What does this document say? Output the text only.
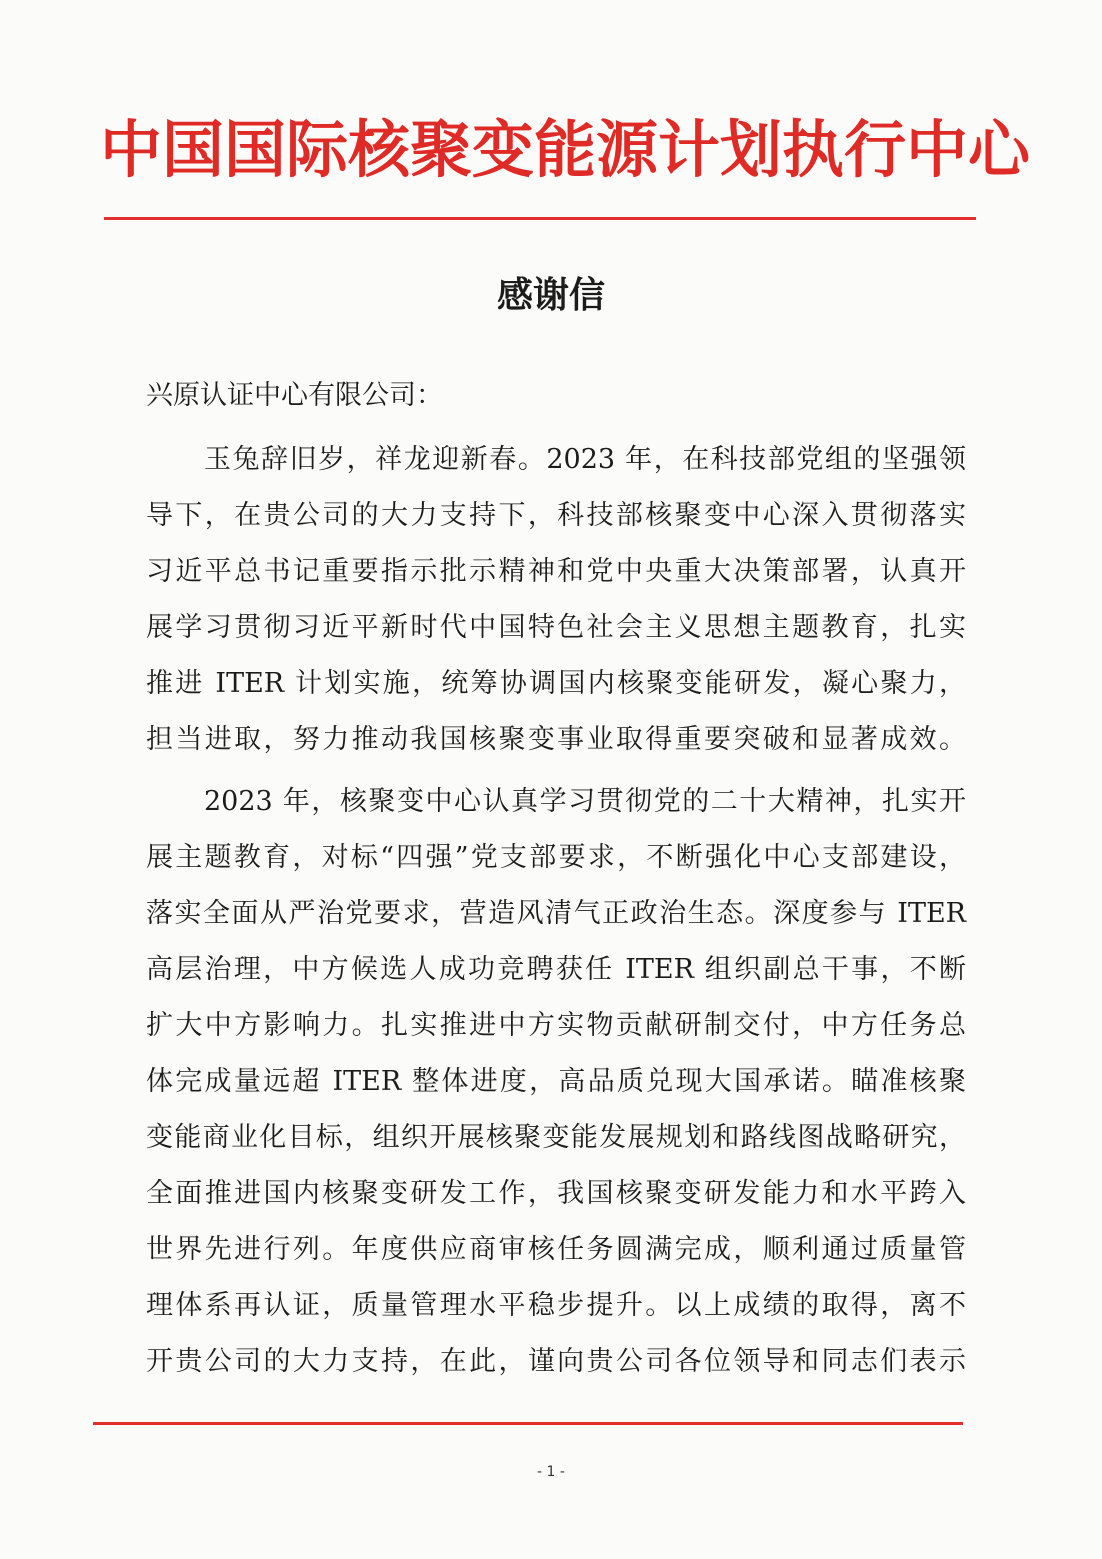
中国国际核聚变能源计划执行中心
感谢信
兴原认证中心有限公司：
玉兔辞旧岁，祥龙迎新春。2023 年，在科技部党组的坚强领
导下，在贵公司的大力支持下，科技部核聚变中心深入贯彻落实
习近平总书记重要指示批示精神和党中央重大决策部署，认真开
展学习贯彻习近平新时代中国特色社会主义思想主题教育，扎实
推进 ITER 计划实施，统筹协调国内核聚变能研发，凝心聚力，
担当进取，努力推动我国核聚变事业取得重要突破和显著成效。
2023 年，核聚变中心认真学习贯彻党的二十大精神，扎实开
展主题教育，对标“四强”党支部要求，不断强化中心支部建设，
落实全面从严治党要求，营造风清气正政治生态。深度参与 ITER
高层治理，中方候选人成功竞聘获任 ITER 组织副总干事，不断
扩大中方影响力。扎实推进中方实物贡献研制交付，中方任务总
体完成量远超 ITER 整体进度，高品质兑现大国承诺。瞄准核聚
变能商业化目标，组织开展核聚变能发展规划和路线图战略研究，
全面推进国内核聚变研发工作，我国核聚变研发能力和水平跨入
世界先进行列。年度供应商审核任务圆满完成，顺利通过质量管
理体系再认证，质量管理水平稳步提升。以上成绩的取得，离不
开贵公司的大力支持，在此，谨向贵公司各位领导和同志们表示
- 1 -
